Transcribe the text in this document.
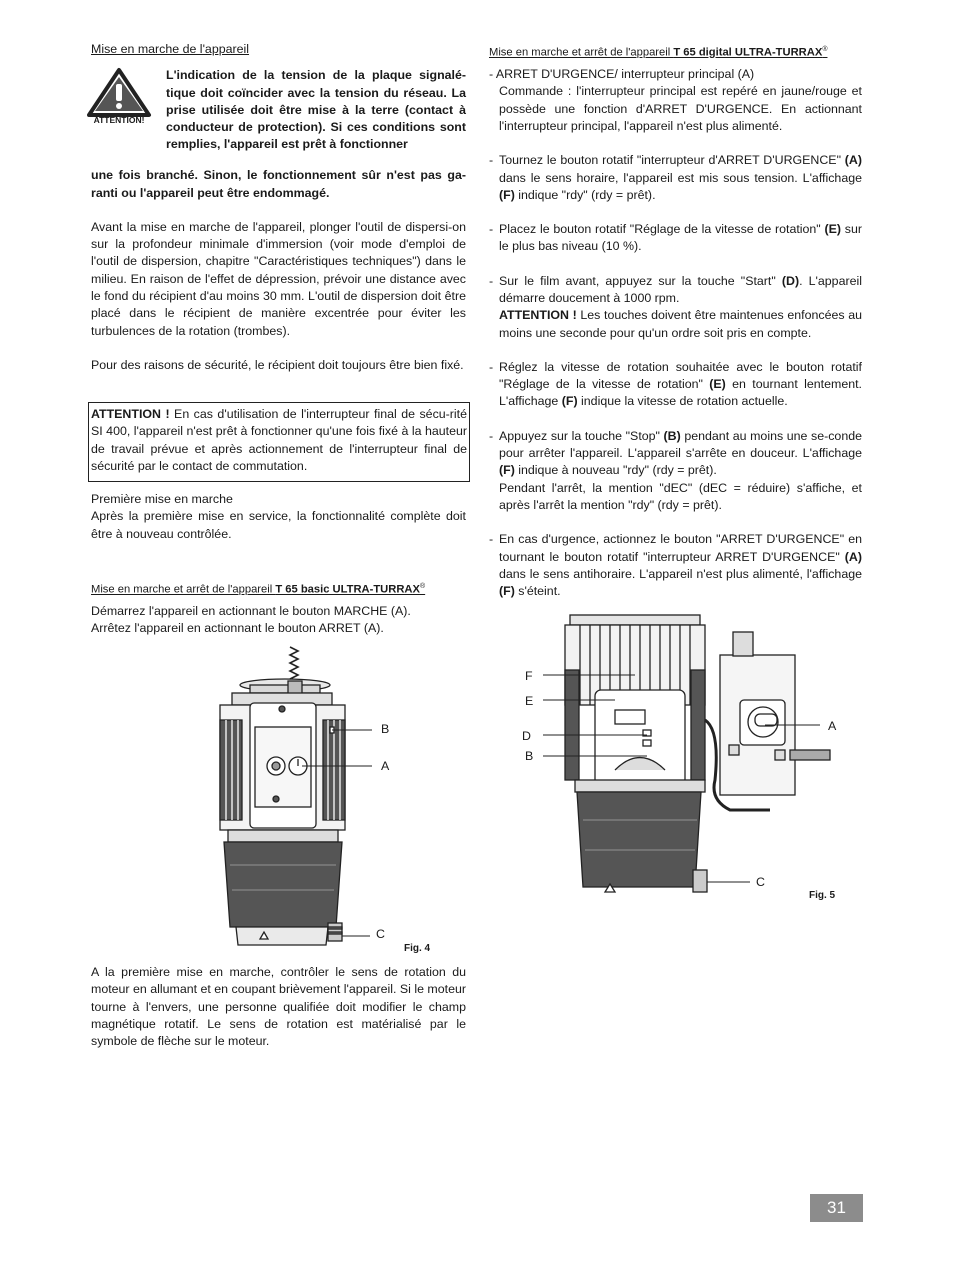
Mise en marche de l'appareil

ATTENTION!

L'indication de la tension de la plaque signalé-tique doit coïncider avec la tension du réseau. La prise utilisée doit être mise à la terre (contact à conducteur de protection). Si ces conditions sont remplies, l'appareil est prêt à fonctionner

une fois branché. Sinon, le fonctionnement sûr n'est pas ga-ranti ou l'appareil peut être endommagé.

Avant la mise en marche de l'appareil, plonger l'outil de dispersi-on sur la profondeur minimale d'immersion (voir mode d'emploi de l'outil de dispersion, chapitre "Caractéristiques techniques") dans le milieu. En raison de l'effet de dépression, prévoir une distance avec le fond du récipient d'au moins 30 mm. L'outil de dispersion doit être placé dans le récipient de manière excentrée pour éviter les turbulences de la rotation (trombes).

Pour des raisons de sécurité, le récipient doit toujours être bien fixé.

ATTENTION ! En cas d'utilisation de l'interrupteur final de sécu-rité SI 400, l'appareil n'est prêt à fonctionner qu'une fois fixé à la hauteur de travail prévue et après actionnement de l'interrupteur final de sécurité par le contact de commutation.

Première mise en marche

Après la première mise en service, la fonctionnalité complète doit être à nouveau contrôlée.

Mise en marche et arrêt de l'appareil T 65 basic ULTRA-TURRAX®

Démarrez l'appareil en actionnant le bouton MARCHE (A).

Arrêtez l'appareil en actionnant le bouton ARRET (A).

B
A
C
Fig. 4

A la première mise en marche, contrôler le sens de rotation du moteur en allumant et en coupant brièvement l'appareil. Si le moteur tourne à l'envers, une personne qualifiée doit modifier le champ magnétique rotatif. Le sens de rotation est matérialisé par le symbole de flèche sur le moteur.

Mise en marche et arrêt de l'appareil T 65 digital ULTRA-TURRAX®

- ARRET D'URGENCE/ interrupteur principal (A)

Commande : l'interrupteur principal est repéré en jaune/rouge et possède une fonction d'ARRET D'URGENCE. En actionnant l'interrupteur principal, l'appareil n'est plus alimenté.

- Tournez le bouton rotatif "interrupteur d'ARRET D'URGENCE" (A) dans le sens horaire, l'appareil est mis sous tension. L'affichage (F) indique "rdy" (rdy = prêt).
- Placez le bouton rotatif "Réglage de la vitesse de rotation" (E) sur le plus bas niveau (10 %).
- Sur le film avant, appuyez sur la touche "Start" (D). L'appareil démarre doucement à 1000 rpm.
ATTENTION ! Les touches doivent être maintenues enfoncées au moins une seconde pour qu'un ordre soit pris en compte.
- Réglez la vitesse de rotation souhaitée avec le bouton rotatif "Réglage de la vitesse de rotation" (E) en tournant lentement. L'affichage (F) indique la vitesse de rotation actuelle.
- Appuyez sur la touche "Stop" (B) pendant au moins une se-conde pour arrêter l'appareil. L'appareil s'arrête en douceur. L'affichage (F) indique à nouveau "rdy" (rdy = prêt).
Pendant l'arrêt, la mention "dEC" (dEC = réduire) s'affiche, et après l'arrêt la mention "rdy" (rdy = prêt).
- En cas d'urgence, actionnez le bouton "ARRET D'URGENCE" en tournant le bouton rotatif "interrupteur ARRET D'URGENCE" (A) dans le sens antihoraire. L'appareil n'est plus alimenté, l'affichage (F) s'éteint.
F
E
D
B
A
C
Fig. 5
31
